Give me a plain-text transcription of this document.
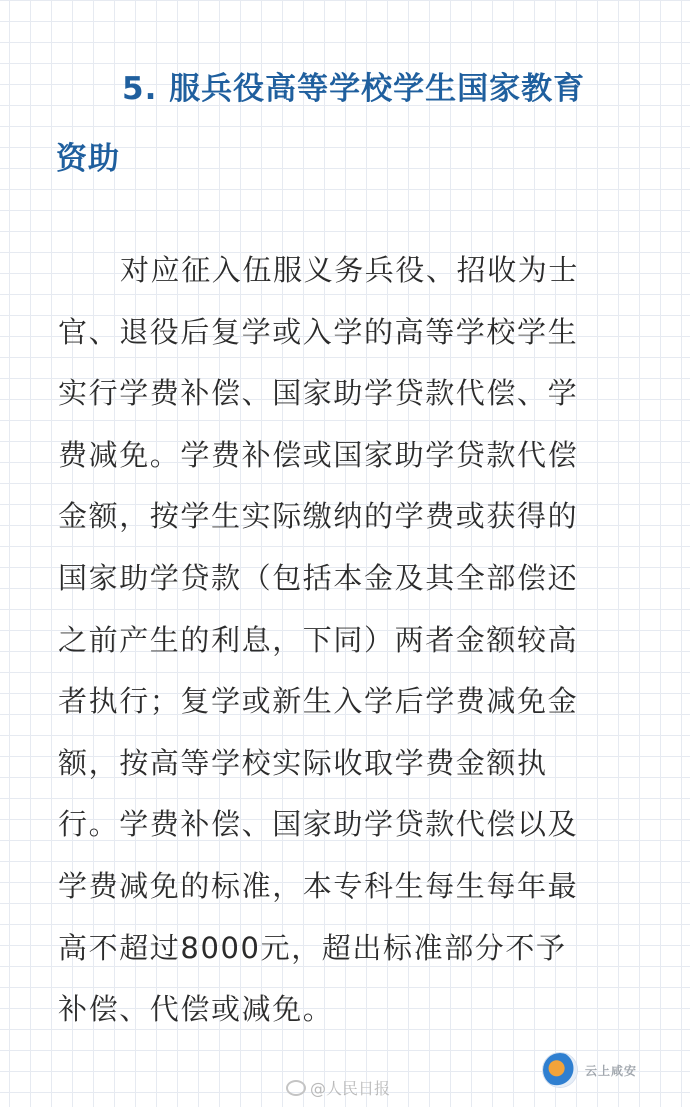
5. 服兵役高等学校学生国家教育
资助
对应征入伍服义务兵役、招收为士
官、退役后复学或入学的高等学校学生
实行学费补偿、国家助学贷款代偿、学
费减免。学费补偿或国家助学贷款代偿
金额，按学生实际缴纳的学费或获得的
国家助学贷款（包括本金及其全部偿还
之前产生的利息，下同）两者金额较高
者执行；复学或新生入学后学费减免金
额，按高等学校实际收取学费金额执
行。学费补偿、国家助学贷款代偿以及
学费减免的标准，本专科生每生每年最
高不超过8000元，超出标准部分不予
补偿、代偿或减免。
云上咸安
@人民日报
